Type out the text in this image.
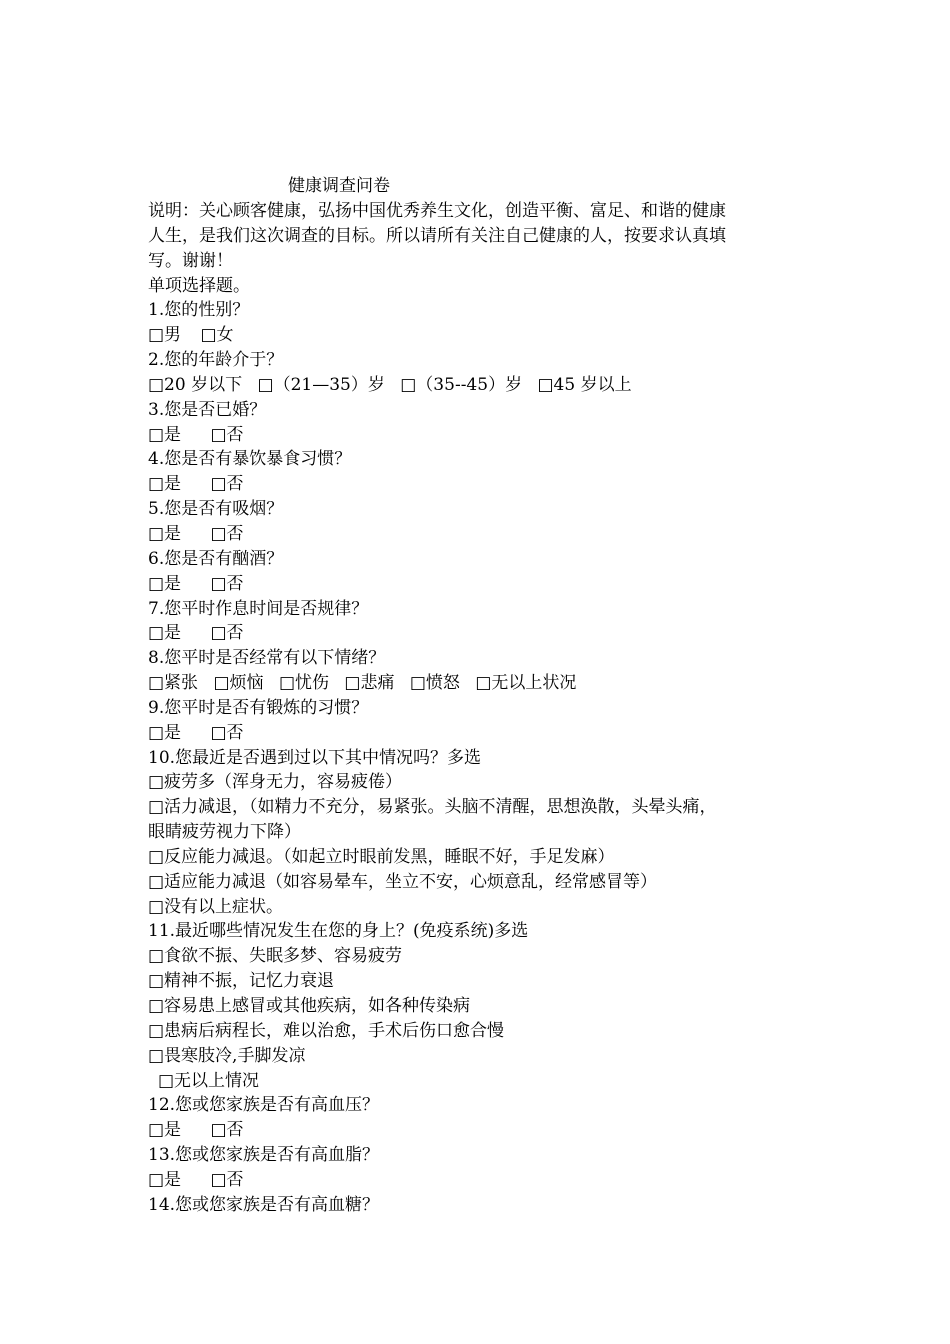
健康调查问卷
说明：关心顾客健康，弘扬中国优秀养生文化，创造平衡、富足、和谐的健康
人生，是我们这次调查的目标。所以请所有关注自己健康的人，按要求认真填
写。谢谢！
单项选择题。
1.您的性别？
□男 □女
2.您的年龄介于？
□20 岁以下 □（21—35）岁 □（35--45）岁 □45 岁以上
3.您是否已婚？
□是 □否
4.您是否有暴饮暴食习惯？
□是 □否
5.您是否有吸烟？
□是 □否
6.您是否有酗酒？
□是 □否
7.您平时作息时间是否规律？
□是 □否
8.您平时是否经常有以下情绪？
□紧张 □烦恼 □忧伤 □悲痛 □愤怒 □无以上状况
9.您平时是否有锻炼的习惯？
□是 □否
10.您最近是否遇到过以下其中情况吗？多选
□疲劳多（浑身无力，容易疲倦）
□活力减退，（如精力不充分，易紧张。头脑不清醒，思想涣散，头晕头痛，
眼睛疲劳视力下降）
□反应能力减退。（如起立时眼前发黑，睡眠不好，手足发麻）
□适应能力减退（如容易晕车，坐立不安，心烦意乱，经常感冒等）
□没有以上症状。
11.最近哪些情况发生在您的身上？(免疫系统)多选
□食欲不振、失眠多梦、容易疲劳
□精神不振，记忆力衰退
□容易患上感冒或其他疾病，如各种传染病
□患病后病程长，难以治愈，手术后伤口愈合慢
□畏寒肢冷,手脚发凉
□无以上情况
12.您或您家族是否有高血压？
□是 □否
13.您或您家族是否有高血脂？
□是 □否
14.您或您家族是否有高血糖？
